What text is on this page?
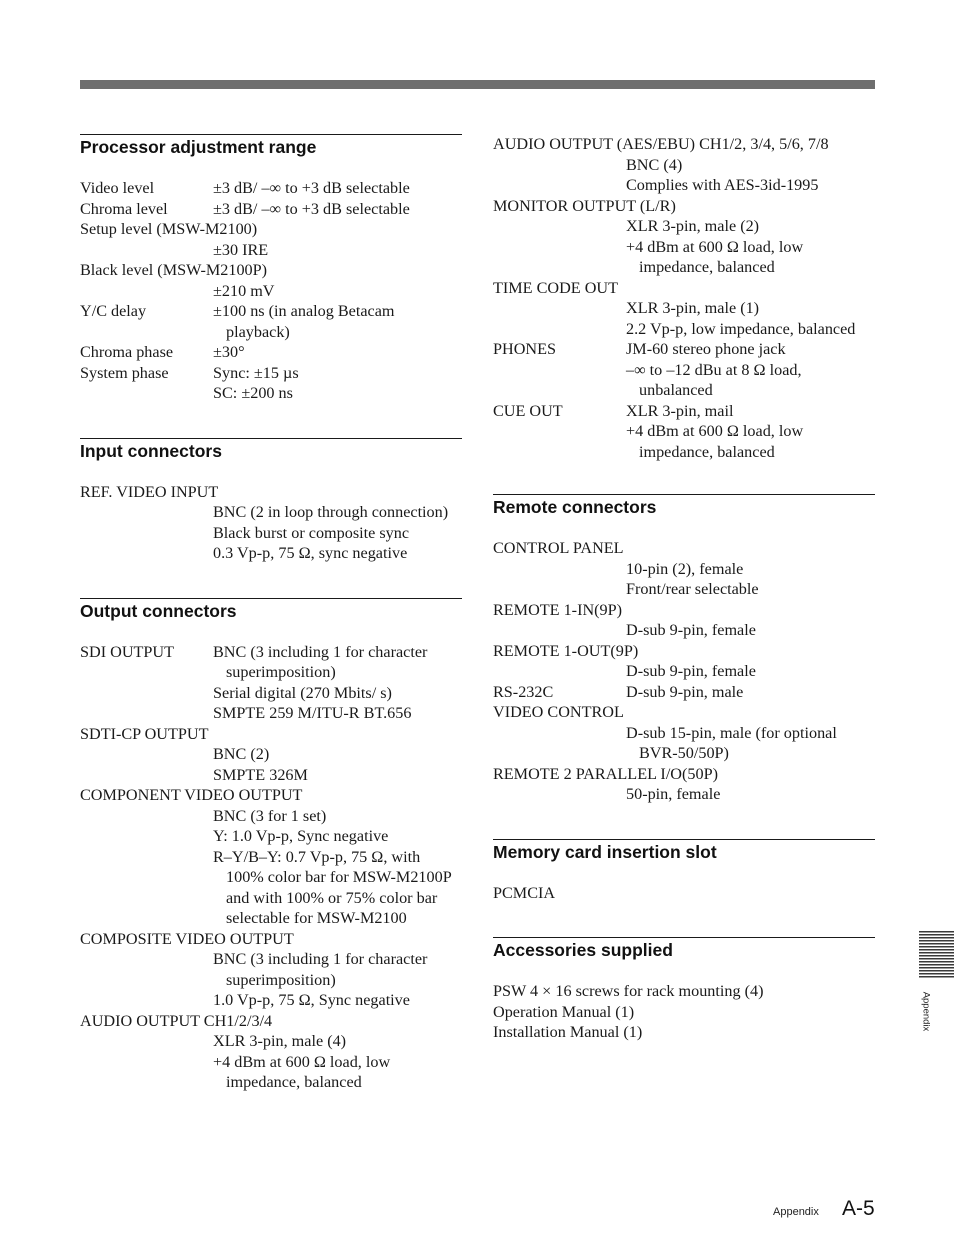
Processor adjustment range
Video level	±3 dB/ –∞ to +3 dB selectable
Chroma level	±3 dB/ –∞ to +3 dB selectable
Setup level (MSW-M2100)
±30 IRE
Black level (MSW-M2100P)
±210 mV
Y/C delay	±100 ns (in analog Betacam playback)
Chroma phase ±30°
System phase	Sync: ±15 µs
SC: ±200 ns
Input connectors
REF. VIDEO INPUT
BNC (2 in loop through connection)
Black burst or composite sync
0.3 Vp-p, 75 Ω, sync negative
Output connectors
SDI OUTPUT BNC (3 including 1 for character superimposition)
Serial digital (270 Mbits/ s)
SMPTE 259 M/ITU-R BT.656
SDTI-CP OUTPUT
BNC (2)
SMPTE 326M
COMPONENT VIDEO OUTPUT
BNC (3 for 1 set)
Y: 1.0 Vp-p, Sync negative
R–Y/B–Y: 0.7 Vp-p, 75 Ω, with 100% color bar for MSW-M2100P and with 100% or 75% color bar selectable for MSW-M2100
COMPOSITE VIDEO OUTPUT
BNC (3 including 1 for character superimposition)
1.0 Vp-p, 75 Ω, Sync negative
AUDIO OUTPUT CH1/2/3/4
XLR 3-pin, male (4)
+4 dBm at 600 Ω load, low impedance, balanced
AUDIO OUTPUT (AES/EBU) CH1/2, 3/4, 5/6, 7/8
BNC (4)
Complies with AES-3id-1995
MONITOR OUTPUT (L/R)
XLR 3-pin, male (2)
+4 dBm at 600 Ω load, low impedance, balanced
TIME CODE OUT
XLR 3-pin, male (1)
2.2 Vp-p, low impedance, balanced
PHONES	JM-60 stereo phone jack
–∞ to –12 dBu at 8 Ω load, unbalanced
CUE OUT	XLR 3-pin, mail
+4 dBm at 600 Ω load, low impedance, balanced
Remote connectors
CONTROL PANEL
10-pin (2), female
Front/rear selectable
REMOTE 1-IN(9P)
D-sub 9-pin, female
REMOTE 1-OUT(9P)
D-sub 9-pin, female
RS-232C	D-sub 9-pin, male
VIDEO CONTROL
D-sub 15-pin, male (for optional BVR-50/50P)
REMOTE 2 PARALLEL I/O(50P)
50-pin, female
Memory card insertion slot
PCMCIA
Accessories supplied
PSW 4 × 16 screws for rack mounting (4)
Operation Manual (1)
Installation Manual (1)
Appendix
Appendix A-5
